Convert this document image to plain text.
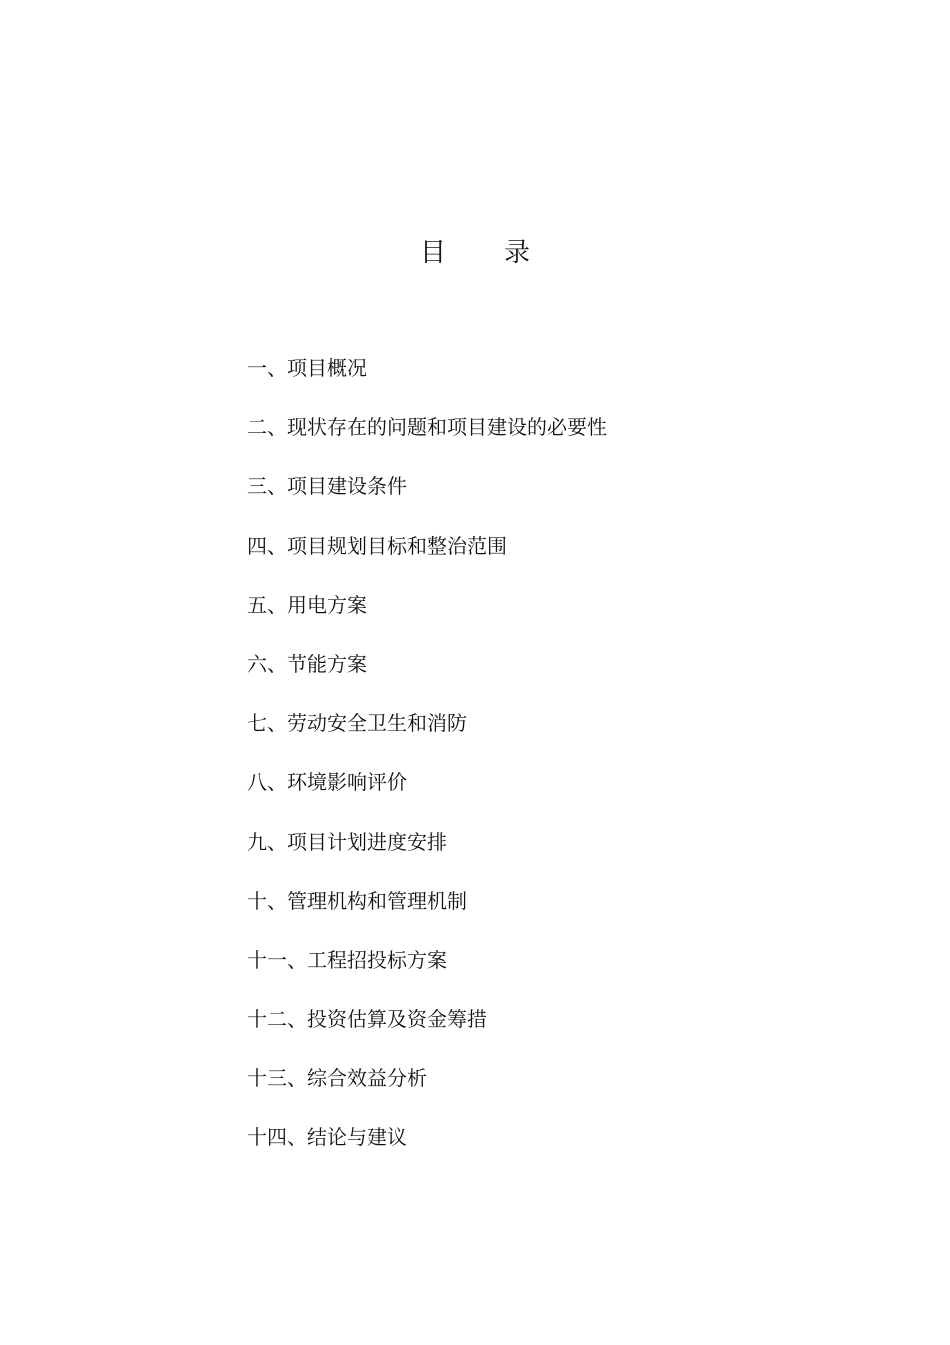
目 录
一、项目概况
二、现状存在的问题和项目建设的必要性
三、项目建设条件
四、项目规划目标和整治范围
五、用电方案
六、节能方案
七、劳动安全卫生和消防
八、环境影响评价
九、项目计划进度安排
十、管理机构和管理机制
十一、工程招投标方案
十二、投资估算及资金筹措
十三、综合效益分析
十四、结论与建议
